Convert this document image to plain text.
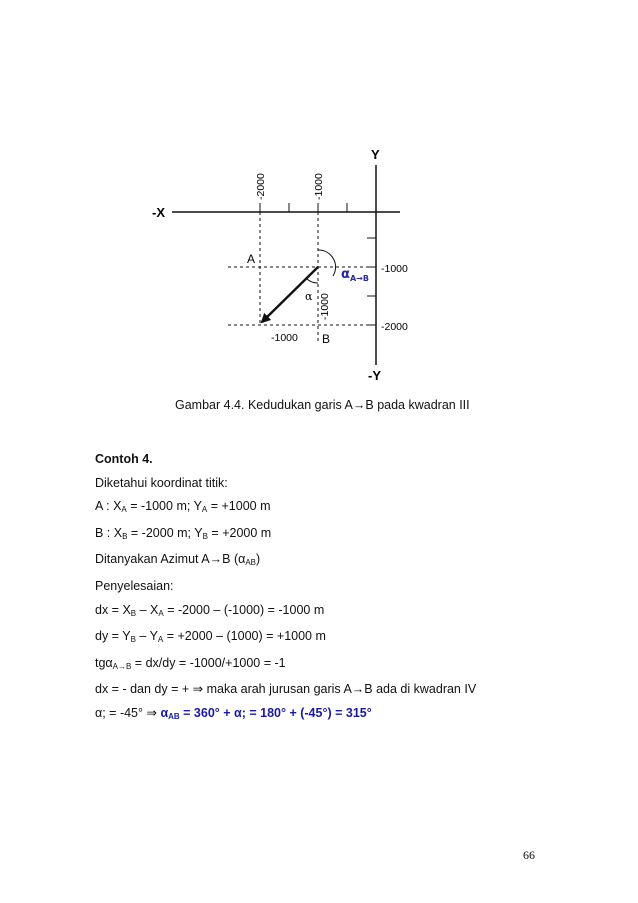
Y
-X
-Y
-2000	-1000
-1000
-2000
A
B
-1000
-1000
α
αA→B
Gambar 4.4. Kedudukan garis A→B pada kwadran III

Contoh 4.

Diketahui koordinat titik:

A : $X_A = -1000$ m; $Y_A = +1000$ m

B : $X_B = -2000$ m; $Y_B = +2000$ m

Ditanyakan Azimut A→B $(\alpha_{AB})$

Penyelesaian:

dx = $X_B - X_A = -2000 - (-1000) = -1000$ m

dy = $Y_B - Y_A = +2000 - (1000) = +1000$ m

tgα$_{A\to B}$ = dx/dy = -1000/+1000 = -1

dx = - dan dy = + ⇒ maka arah jurusan garis A→B ada di kwadran IV

α; = -45° ⇒ $\alpha_{AB} = 360^\circ + \alpha$; = 180° + (-45°) = 315°

66
